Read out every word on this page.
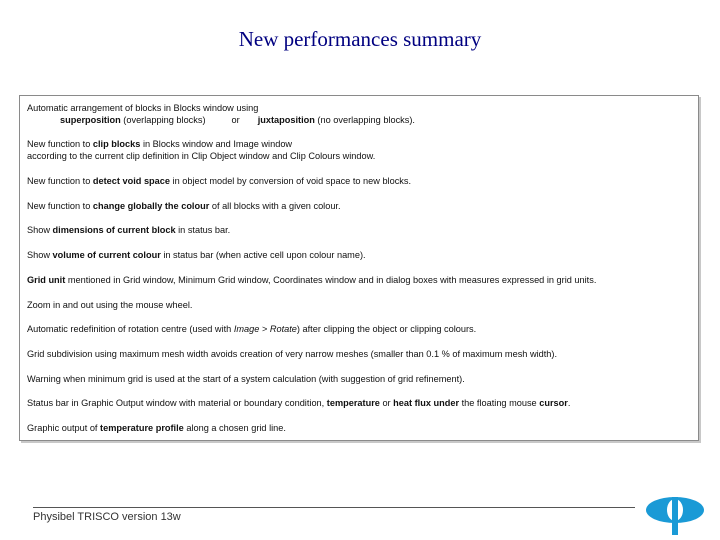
New performances summary
Automatic arrangement of blocks in Blocks window using
superposition (overlapping blocks)	or juxtaposition (no overlapping blocks).
New function to clip blocks in Blocks window and Image window
according to the current clip definition in Clip Object window and Clip Colours window.
New function to detect void space in object model by conversion of void space to new blocks.
New function to change globally the colour of all blocks with a given colour.
Show dimensions of current block in status bar.
Show volume of current colour in status bar (when active cell upon colour name).
Grid unit mentioned in Grid window, Minimum Grid window, Coordinates window and in dialog boxes with measures expressed in grid units.
Zoom in and out using the mouse wheel.
Automatic redefinition of rotation centre (used with Image > Rotate) after clipping the object or clipping colours.
Grid subdivision using maximum mesh width avoids creation of very narrow meshes (smaller than 0.1 % of maximum mesh width).
Warning when minimum grid is used at the start of a system calculation (with suggestion of grid refinement).
Status bar in Graphic Output window with material or boundary condition, temperature or heat flux under the floating mouse cursor.
Graphic output of temperature profile along a chosen grid line.
Physibel TRISCO version 13w
